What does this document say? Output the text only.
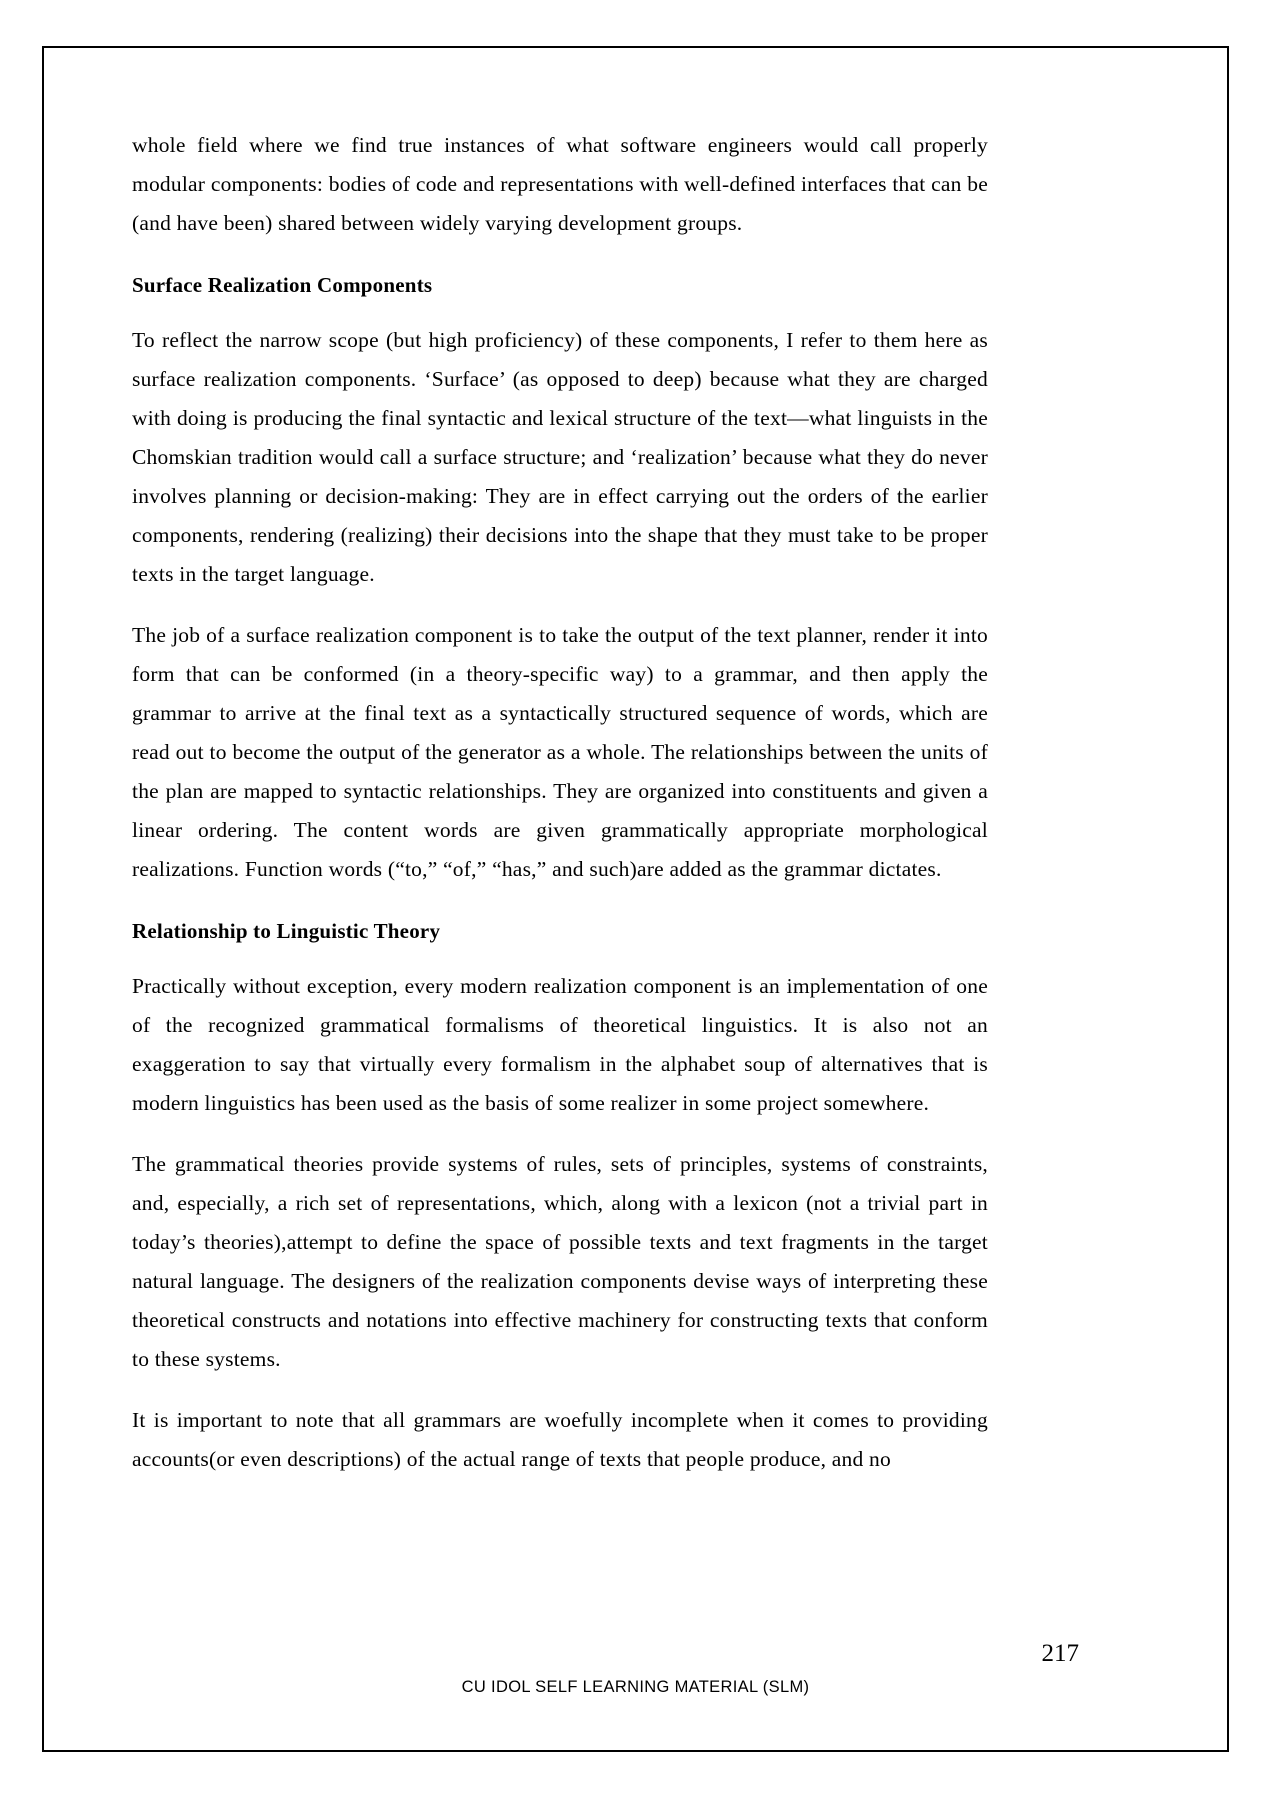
whole field where we find true instances of what software engineers would call properly modular components: bodies of code and representations with well-defined interfaces that can be (and have been) shared between widely varying development groups.

Surface Realization Components

To reflect the narrow scope (but high proficiency) of these components, I refer to them here as surface realization components. ‘Surface’ (as opposed to deep) because what they are charged with doing is producing the final syntactic and lexical structure of the text—what linguists in the Chomskian tradition would call a surface structure; and ‘realization’ because what they do never involves planning or decision-making: They are in effect carrying out the orders of the earlier components, rendering (realizing) their decisions into the shape that they must take to be proper texts in the target language.

The job of a surface realization component is to take the output of the text planner, render it into form that can be conformed (in a theory-specific way) to a grammar, and then apply the grammar to arrive at the final text as a syntactically structured sequence of words, which are read out to become the output of the generator as a whole. The relationships between the units of the plan are mapped to syntactic relationships. They are organized into constituents and given a linear ordering. The content words are given grammatically appropriate morphological realizations. Function words (“to,” “of,” “has,” and such)are added as the grammar dictates.

Relationship to Linguistic Theory

Practically without exception, every modern realization component is an implementation of one of the recognized grammatical formalisms of theoretical linguistics. It is also not an exaggeration to say that virtually every formalism in the alphabet soup of alternatives that is modern linguistics has been used as the basis of some realizer in some project somewhere.

The grammatical theories provide systems of rules, sets of principles, systems of constraints, and, especially, a rich set of representations, which, along with a lexicon (not a trivial part in today’s theories),attempt to define the space of possible texts and text fragments in the target natural language. The designers of the realization components devise ways of interpreting these theoretical constructs and notations into effective machinery for constructing texts that conform to these systems.

It is important to note that all grammars are woefully incomplete when it comes to providing accounts(or even descriptions) of the actual range of texts that people produce, and no

217
CU IDOL SELF LEARNING MATERIAL (SLM)
